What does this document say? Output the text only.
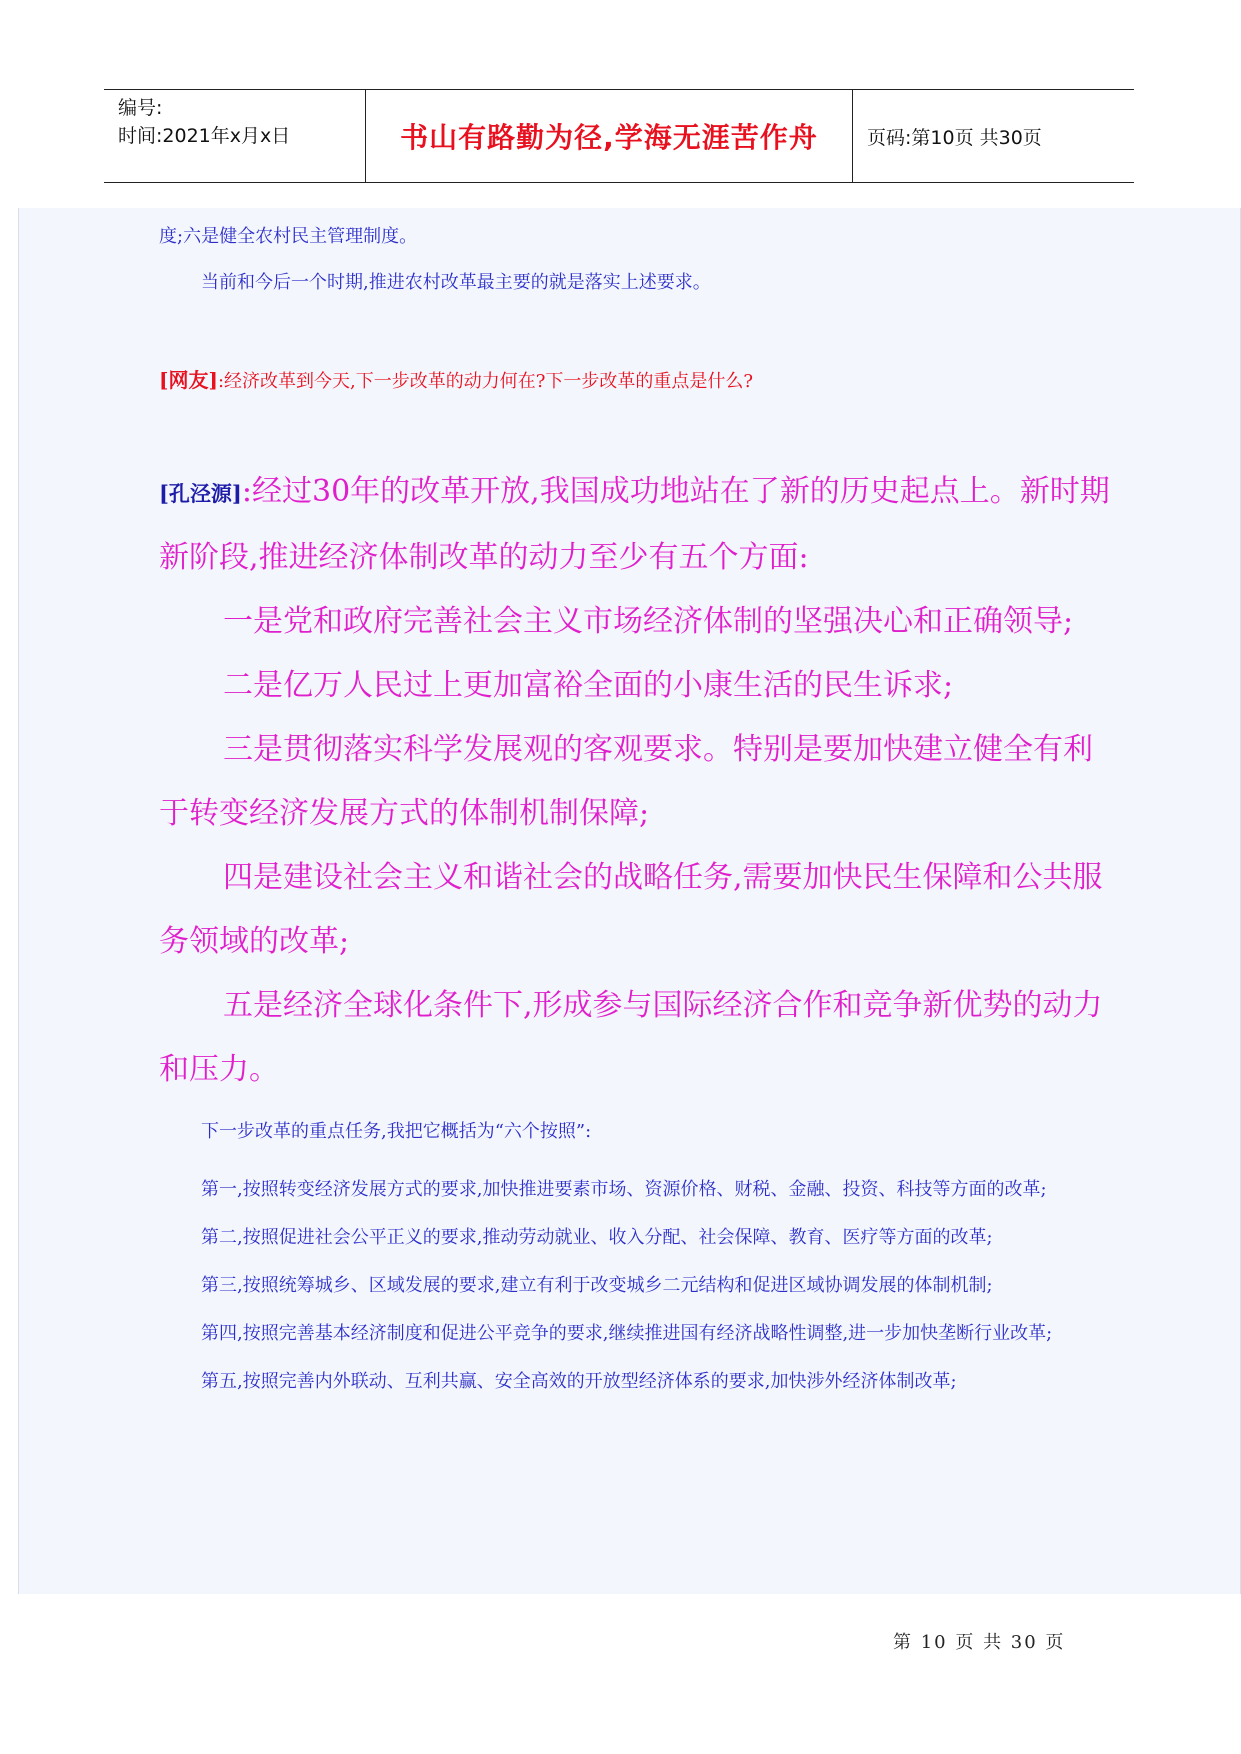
编号:
时间:2021年x月x日	书山有路勤为径,学海无涯苦作舟	页码:第10页 共30页

度;六是健全农村民主管理制度。

当前和今后一个时期,推进农村改革最主要的就是落实上述要求。

[网友]:经济改革到今天,下一步改革的动力何在?下一步改革的重点是什么?

[孔泾源]:经过30年的改革开放,我国成功地站在了新的历史起点上。新时期新阶段,推进经济体制改革的动力至少有五个方面:

一是党和政府完善社会主义市场经济体制的坚强决心和正确领导;

二是亿万人民过上更加富裕全面的小康生活的民生诉求;

三是贯彻落实科学发展观的客观要求。特别是要加快建立健全有利于转变经济发展方式的体制机制保障;

四是建设社会主义和谐社会的战略任务,需要加快民生保障和公共服务领域的改革;

五是经济全球化条件下,形成参与国际经济合作和竞争新优势的动力和压力。

下一步改革的重点任务,我把它概括为“六个按照”:

第一,按照转变经济发展方式的要求,加快推进要素市场、资源价格、财税、金融、投资、科技等方面的改革;

第二,按照促进社会公平正义的要求,推动劳动就业、收入分配、社会保障、教育、医疗等方面的改革;

第三,按照统筹城乡、区域发展的要求,建立有利于改变城乡二元结构和促进区域协调发展的体制机制;

第四,按照完善基本经济制度和促进公平竞争的要求,继续推进国有经济战略性调整,进一步加快垄断行业改革;

第五,按照完善内外联动、互利共赢、安全高效的开放型经济体系的要求,加快涉外经济体制改革;

第 10 页 共 30 页
